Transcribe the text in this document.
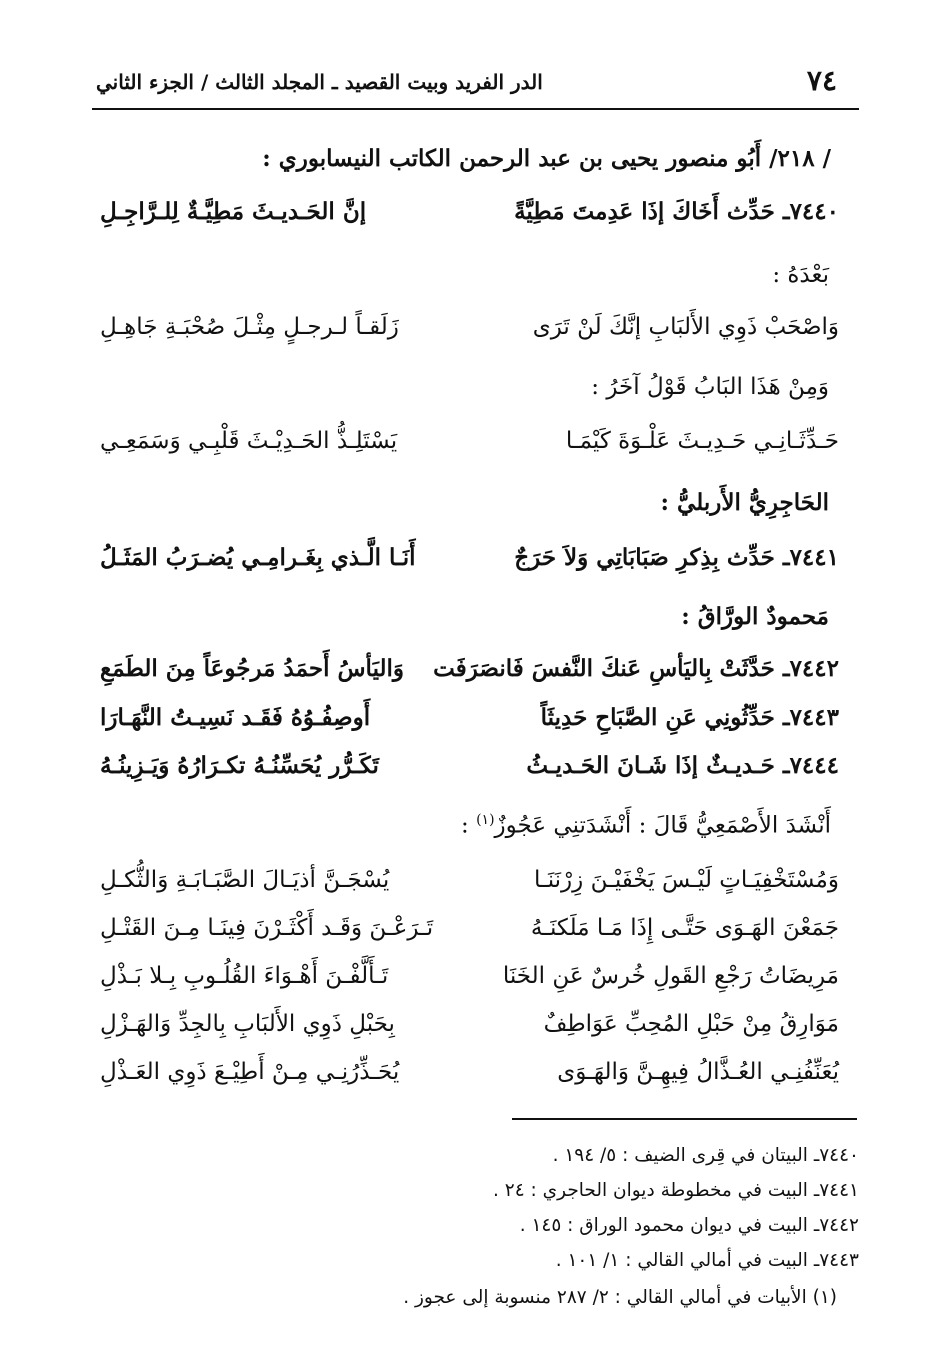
٧٤
الدر الفريد وبيت القصيد ـ المجلد الثالث / الجزء الثاني
/ ٢١٨/ أَبُو منصور يحيى بن عبد الرحمن الكاتب النيسابوري :
٧٤٤٠ـ حَدِّث أَخَاكَ إذَا عَدِمتَ مَطِيَّةً
إنَّ الحَـديـثَ مَطِيَّـةٌ لِلـرَّاجِـلِ
بَعْدَهُ :
وَاصْحَبْ ذَوِي الأَلبَابِ إنَّكَ لَنْ تَرَى
زَلَقـاً لـرجـلٍ مِثْـلَ صُحْبَـةِ جَاهِـلِ
وَمِنْ هَذَا البَابُ قَوْلُ آخَرُ :
حَـدِّثَـانِـي حَـدِيـثَ عَلْـوَةَ كَيْمَـا
يَسْتَلِـذُّ الحَـدِيْـثَ قَلْبِـي وَسَمَعِـي
الحَاجِرِيُّ الأَربليُّ :
٧٤٤١ـ حَدِّث بِذِكرِ صَبَابَاتِي وَلاَ حَرَجٌ
أَنَـا الَّـذي بِغَـرامِـي يُضـرَبُ المَثَـلُ
مَحمودٌ الورَّاقُ :
٧٤٤٢ـ حَدَّثَتْ بِاليَأسِ عَنكَ النَّفسَ فَانصَرَفَت
وَاليَأسُ أَحمَدُ مَرجُوعَاً مِنَ الطَمَعِ
٧٤٤٣ـ حَدِّثُونِي عَنِ الصَّبَاحِ حَدِيثَاً
أَوصِفُـوُهُ فَقَـد نَسِيـتُ النَّهَـارَا
٧٤٤٤ـ حَـديـثٌ إذَا شَـانَ الحَـديـثُ
تَكَـرُّر يُحَسِّنُـهُ تكـرَارُهُ وَيَـزِينُـهُ
أَنْشَدَ الأَصْمَعِيُّ قَالَ : أَنْشَدَتنِي عَجُوزٌ$^{(١)}$ :
وَمُسْتَخْفِيَـاتٍ لَيْـسَ يَخْفَيْـنَ زِرْنَنَـا
يُسْجَـنَّ أذيَـالَ الصَّبَـابَـةِ وَالثُّكـلِ
جَمَعْنَ الهَـوَى حَتَّـى إِذَا مَـا مَلَكنَـهُ
تَـرَعْـنَ وَقَـد أَكْثَـرْنَ فِينَـا مِـنَ القَتْـلِ
مَرِيضَاتُ رَجْعِ القَولِ خُرسٌ عَنِ الخَنَا
تَـأَلَّفْـنَ أَهْـوَاءَ القُلُـوبِ بِـلا بَـذْلِ
مَوَارِقُ مِنْ حَبْلِ المُحِبِّ عَوَاطِفٌ
بِحَبْلِ ذَوِي الأَلبَابِ بِالجِدِّ وَالهَـزْلِ
يُعَنِّفُنِـي العُـذَّالُ فِيهِـنَّ وَالهَـوَى
يُحَـذِّرُنِـي مِـنْ أَطِيْـعَ ذَوِي العَـذْلِ
٧٤٤٠ـ البيتان في قِرى الضيف : ٥/ ١٩٤ .
٧٤٤١ـ البيت في مخطوطة ديوان الحاجري : ٢٤ .
٧٤٤٢ـ البيت في ديوان محمود الوراق : ١٤٥ .
٧٤٤٣ـ البيت في أمالي القالي : ١/ ١٠١ .
(١) الأبيات في أمالي القالي : ٢/ ٢٨٧ منسوبة إلى عجوز .
